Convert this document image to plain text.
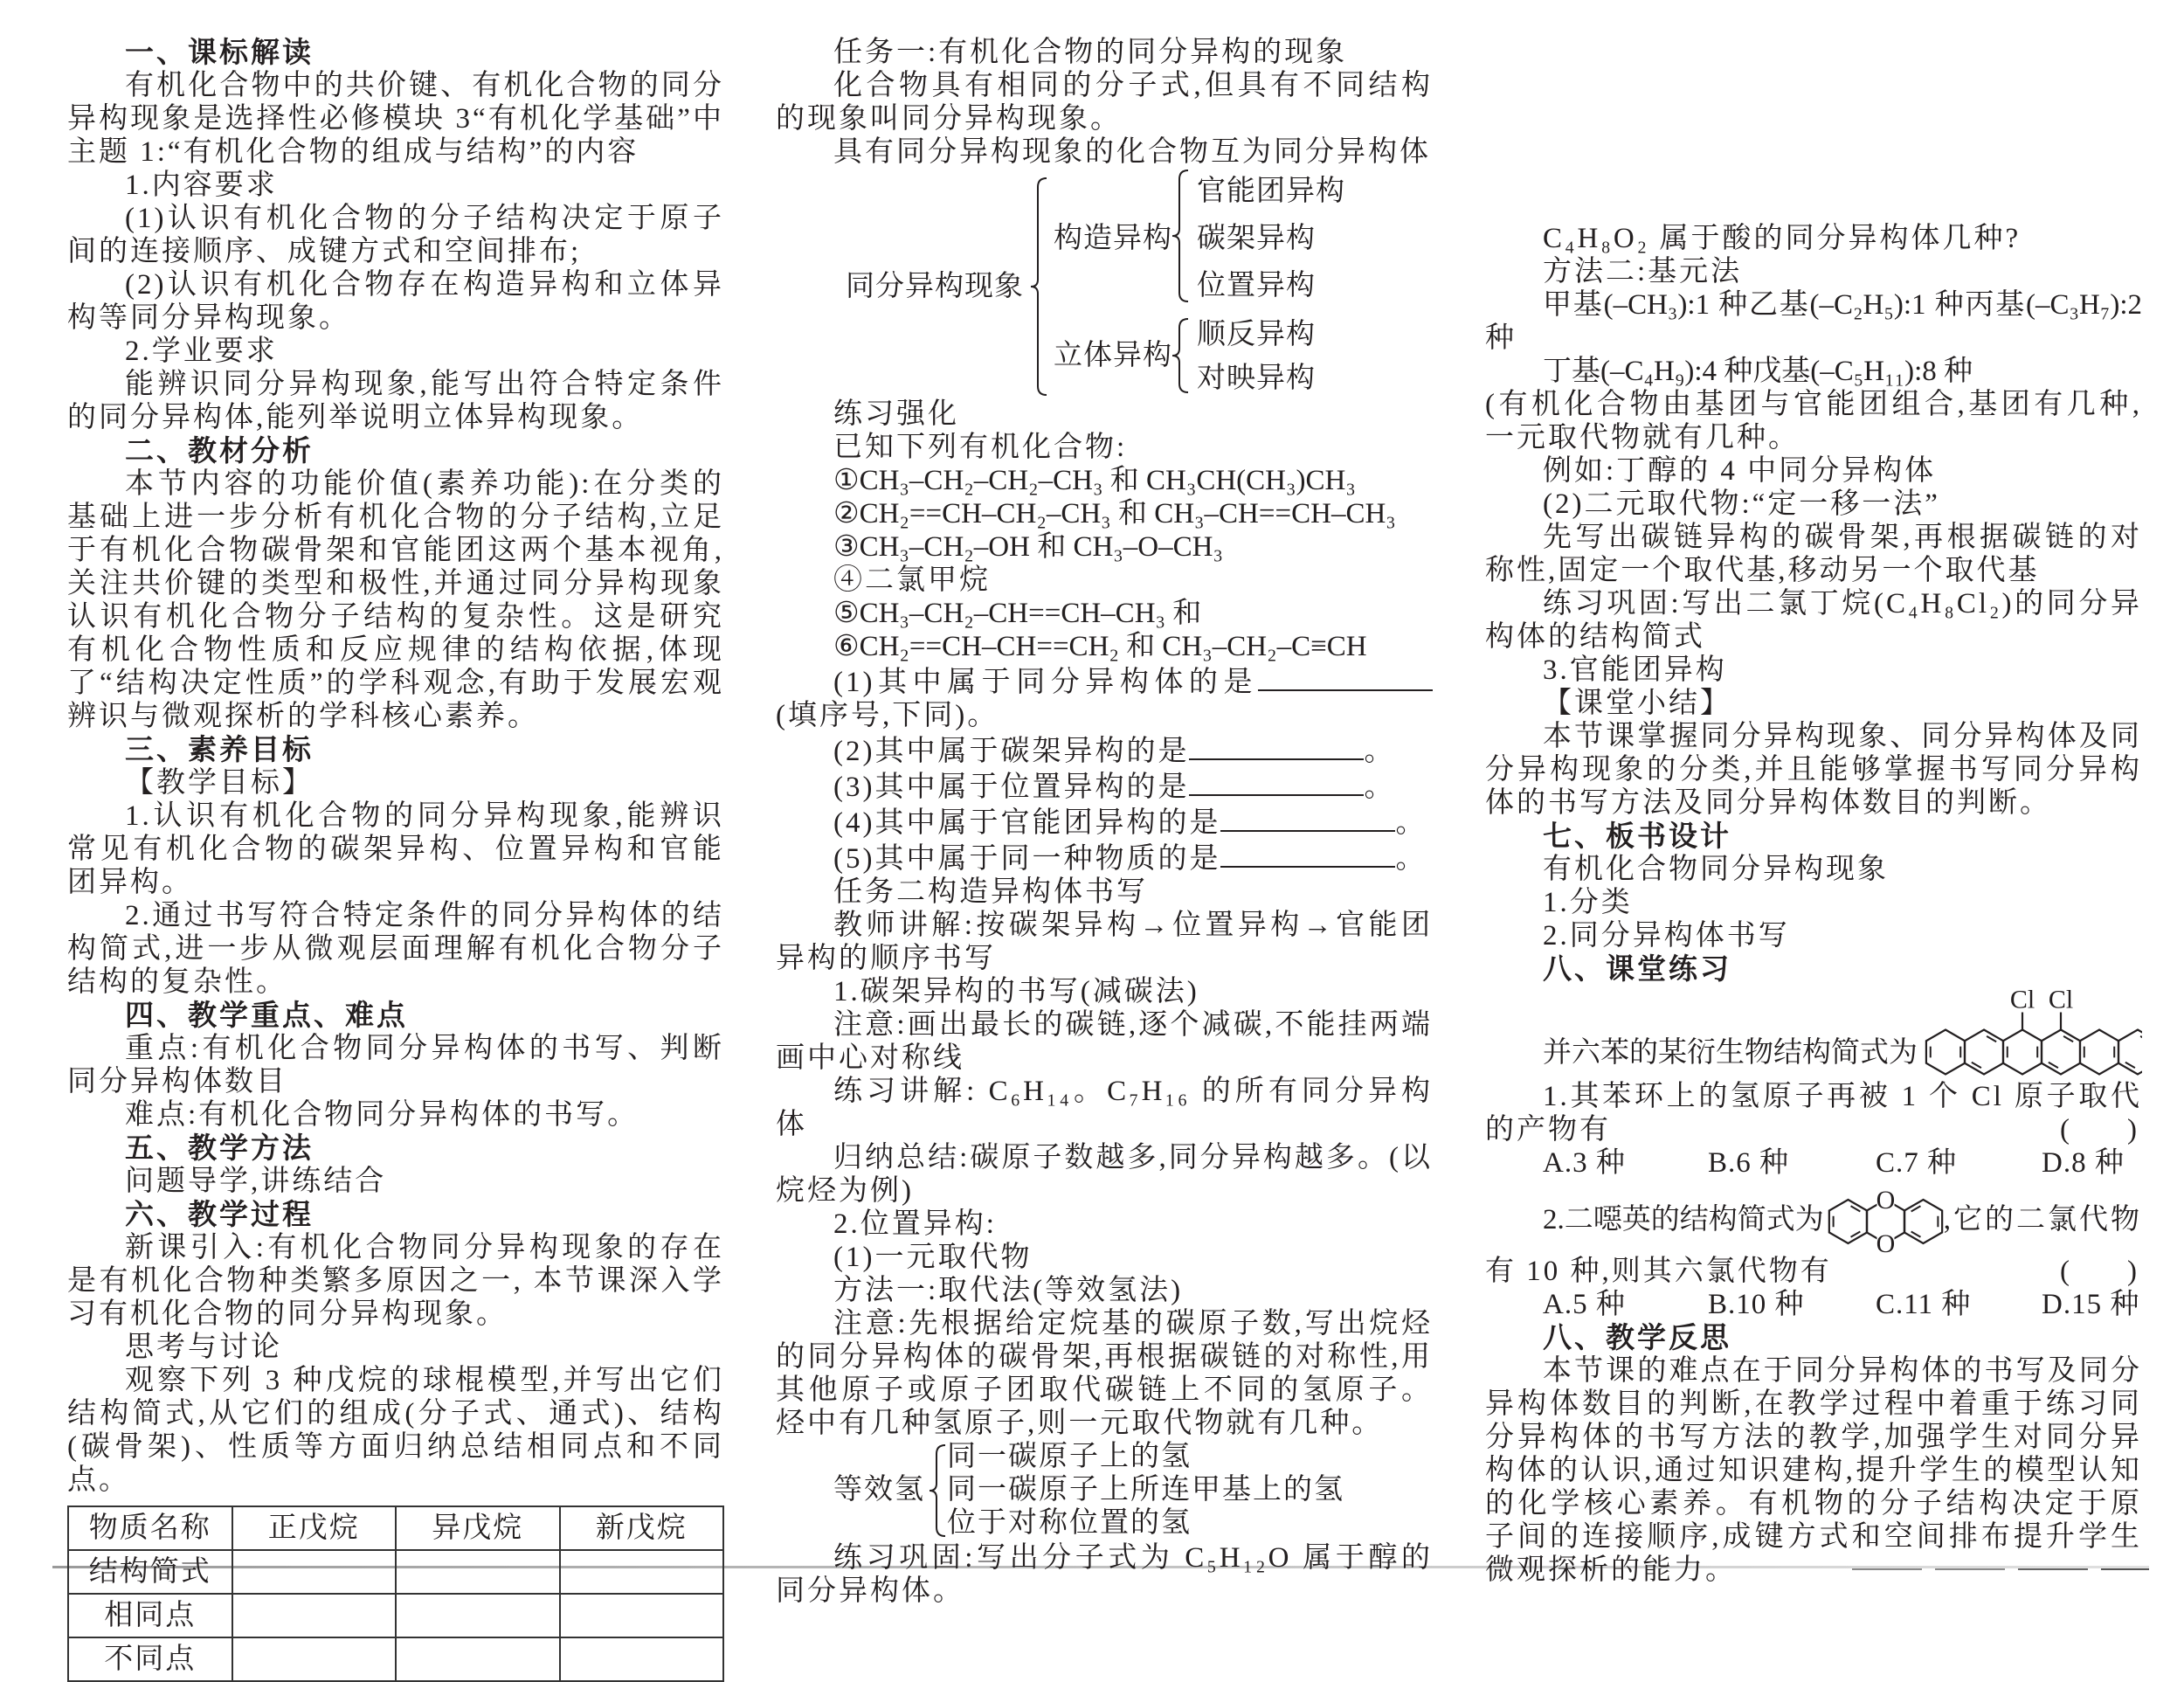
一、课标解读
有机化合物中的共价键、有机化合物的同分异构现象是选择性必修模块 3“有机化学基础”中主题 1:“有机化合物的组成与结构”的内容
1.内容要求
(1)认识有机化合物的分子结构决定于原子间的连接顺序、成键方式和空间排布;
(2)认识有机化合物存在构造异构和立体异构等同分异构现象。
2.学业要求
能辨识同分异构现象,能写出符合特定条件的同分异构体,能列举说明立体异构现象。
二、教材分析
本节内容的功能价值(素养功能):在分类的基础上进一步分析有机化合物的分子结构,立足于有机化合物碳骨架和官能团这两个基本视角,关注共价键的类型和极性,并通过同分异构现象认识有机化合物分子结构的复杂性。这是研究有机化合物性质和反应规律的结构依据,体现了“结构决定性质”的学科观念,有助于发展宏观辨识与微观探析的学科核心素养。
三、素养目标
【教学目标】
1.认识有机化合物的同分异构现象,能辨识常见有机化合物的碳架异构、位置异构和官能团异构。
2.通过书写符合特定条件的同分异构体的结构简式,进一步从微观层面理解有机化合物分子结构的复杂性。
四、教学重点、难点
重点:有机化合物同分异构体的书写、判断同分异构体数目
难点:有机化合物同分异构体的书写。
五、教学方法
问题导学,讲练结合
六、教学过程
新课引入:有机化合物同分异构现象的存在是有机化合物种类繁多原因之一, 本节课深入学习有机化合物的同分异构现象。
思考与讨论
观察下列 3 种戊烷的球棍模型,并写出它们结构简式,从它们的组成(分子式、通式)、结构(碳骨架)、性质等方面归纳总结相同点和不同点。
物质名称	正戊烷	异戊烷	新戊烷
结构简式			
相同点			
不同点			
任务一:有机化合物的同分异构的现象
化合物具有相同的分子式,但具有不同结构的现象叫同分异构现象。
具有同分异构现象的化合物互为同分异构体
同分异构现象
构造异构
官能团异构
碳架异构
位置异构
立体异构
顺反异构
对映异构
练习强化
已知下列有机化合物:
①CH₃–CH₂–CH₂–CH₃ 和 CH₃CH(CH₃)CH₃
②CH₂==CH–CH₂–CH₃ 和 CH₃–CH==CH–CH₃
③CH₃–CH₂–OH 和 CH₃–O–CH₃
④二氯甲烷
⑤CH₃–CH₂–CH==CH–CH₃ 和
⑥CH₂==CH–CH==CH₂ 和 CH₃–CH₂–C≡CH
(1)其中属于同分异构体的是(填序号,下同)。
(2)其中属于碳架异构的是	。
(3)其中属于位置异构的是	。
(4)其中属于官能团异构的是	。
(5)其中属于同一种物质的是	。
任务二构造异构体书写
教师讲解:按碳架异构→位置异构→官能团异构的顺序书写
1.碳架异构的书写(减碳法)
注意:画出最长的碳链,逐个减碳,不能挂两端画中心对称线
练习讲解: C₆H₁₄。C₇H₁₆ 的所有同分异构体
归纳总结:碳原子数越多,同分异构越多。(以烷烃为例)
2.位置异构:
(1)一元取代物
方法一:取代法(等效氢法)
注意:先根据给定烷基的碳原子数,写出烷烃的同分异构体的碳骨架,再根据碳链的对称性,用其他原子或原子团取代碳链上不同的氢原子。烃中有几种氢原子,则一元取代物就有几种。
等效氢
同一碳原子上的氢
同一碳原子上所连甲基上的氢
位于对称位置的氢
练习巩固:写出分子式为 C₅H₁₂O 属于醇的同分异构体。
C₄H₈O₂ 属于酸的同分异构体几种?
方法二:基元法
甲基(–CH₃):1 种乙基(–C₂H₅):1 种丙基(–C₃H₇):2种
丁基(–C₄H₉):4 种戊基(–C₅H₁₁):8 种
(有机化合物由基团与官能团组合,基团有几种,一元取代物就有几种。
例如:丁醇的 4 中同分异构体
(2)二元取代物:“定一移一法”
先写出碳链异构的碳骨架,再根据碳链的对称性,固定一个取代基,移动另一个取代基
练习巩固:写出二氯丁烷(C₄H₈Cl₂)的同分异构体的结构简式
3.官能团异构
【课堂小结】
本节课掌握同分异构现象、同分异构体及同分异构现象的分类,并且能够掌握书写同分异构体的书写方法及同分异构体数目的判断。
七、板书设计
有机化合物同分异构现象
1.分类
2.同分异构体书写
八、课堂练习
并六苯的某衍生物结构简式为
Cl Cl
1.其苯环上的氢原子再被 1 个 Cl 原子取代的产物有	(　　)
A.3 种	B.6 种	C.7 种	D.8 种
2.二噁英的结构简式为
O
O
,它的二氯代物
有 10 种,则其六氯代物有	(　　)
A.5 种	B.10 种	C.11 种	D.15 种
八、教学反思
本节课的难点在于同分异构体的书写及同分异构体数目的判断,在教学过程中着重于练习同分异构体的书写方法的教学,加强学生对同分异构体的认识,通过知识建构,提升学生的模型认知的化学核心素养。有机物的分子结构决定于原子间的连接顺序,成键方式和空间排布提升学生微观探析的能力。
